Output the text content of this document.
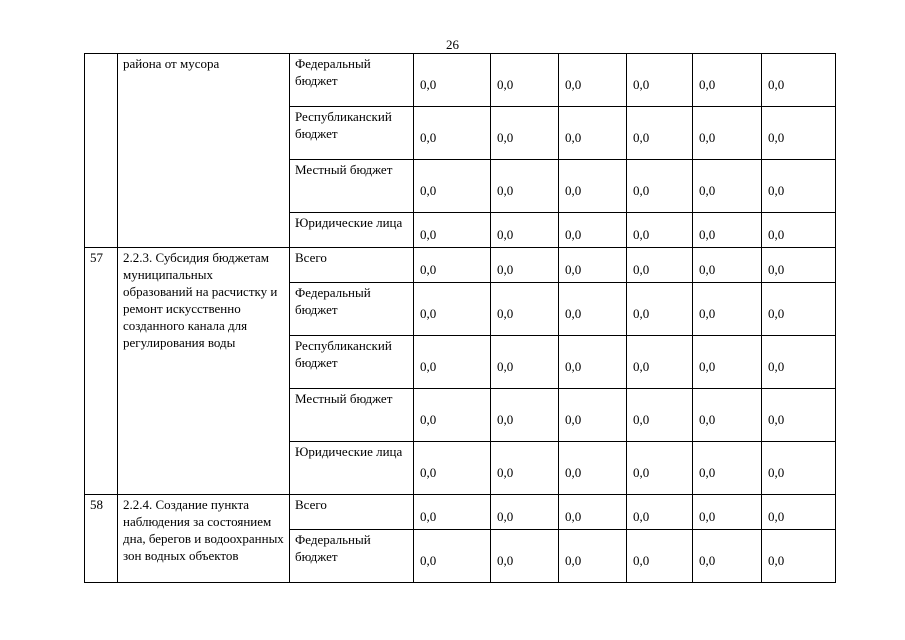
26
	района от мусора	Федеральный бюджет	0,0	0,0	0,0	0,0	0,0	0,0
		Республиканский бюджет	0,0	0,0	0,0	0,0	0,0	0,0
		Местный бюджет	0,0	0,0	0,0	0,0	0,0	0,0
		Юридические лица	0,0	0,0	0,0	0,0	0,0	0,0
57	2.2.3. Субсидия бюджетам муниципальных образований на расчистку и ремонт искусственно созданного канала для регулирования воды	Всего	0,0	0,0	0,0	0,0	0,0	0,0
		Федеральный бюджет	0,0	0,0	0,0	0,0	0,0	0,0
		Республиканский бюджет	0,0	0,0	0,0	0,0	0,0	0,0
		Местный бюджет	0,0	0,0	0,0	0,0	0,0	0,0
		Юридические лица	0,0	0,0	0,0	0,0	0,0	0,0
58	2.2.4. Создание пункта наблюдения за состоянием дна, берегов и водоохранных зон водных объектов	Всего	0,0	0,0	0,0	0,0	0,0	0,0
		Федеральный бюджет	0,0	0,0	0,0	0,0	0,0	0,0
